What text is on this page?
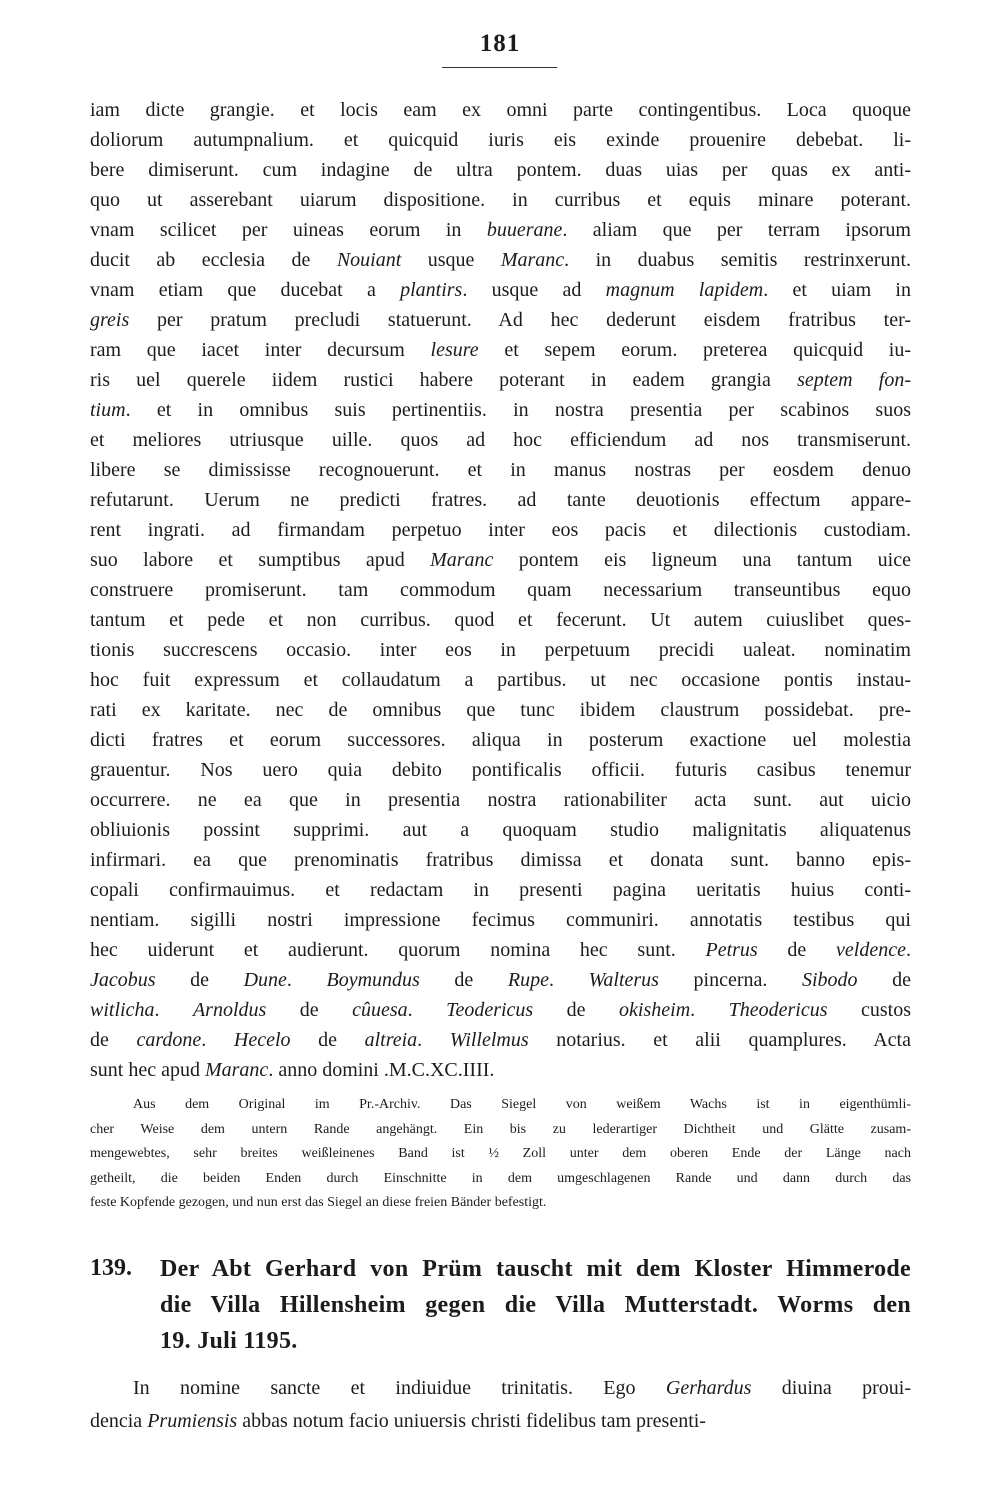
181
iam dicte grangie. et locis eam ex omni parte contingentibus. Loca quoque
doliorum autumpnalium. et quicquid iuris eis exinde prouenire debebat. li-
bere dimiserunt. cum indagine de ultra pontem. duas uias per quas ex anti-
quo ut asserebant uiarum dispositione. in curribus et equis minare poterant.
vnam scilicet per uineas eorum in buuerane. aliam que per terram ipsorum
ducit ab ecclesia de Nouiant usque Maranc. in duabus semitis restrinxerunt.
vnam etiam que ducebat a plantirs. usque ad magnum lapidem. et uiam in
greis per pratum precludi statuerunt. Ad hec dederunt eisdem fratribus ter-
ram que iacet inter decursum lesure et sepem eorum. preterea quicquid iu-
ris uel querele iidem rustici habere poterant in eadem grangia septem fon-
tium. et in omnibus suis pertinentiis. in nostra presentia per scabinos suos
et meliores utriusque uille. quos ad hoc efficiendum ad nos transmiserunt.
libere se dimississe recognouerunt. et in manus nostras per eosdem denuo
refutarunt. Uerum ne predicti fratres. ad tante deuotionis effectum appare-
rent ingrati. ad firmandam perpetuo inter eos pacis et dilectionis custodiam.
suo labore et sumptibus apud Maranc pontem eis ligneum una tantum uice
construere promiserunt. tam commodum quam necessarium transeuntibus equo
tantum et pede et non curribus. quod et fecerunt. Ut autem cuiuslibet ques-
tionis succrescens occasio. inter eos in perpetuum precidi ualeat. nominatim
hoc fuit expressum et collaudatum a partibus. ut nec occasione pontis instau-
rati ex karitate. nec de omnibus que tunc ibidem claustrum possidebat. pre-
dicti fratres et eorum successores. aliqua in posterum exactione uel molestia
grauentur. Nos uero quia debito pontificalis officii. futuris casibus tenemur
occurrere. ne ea que in presentia nostra rationabiliter acta sunt. aut uicio
obliuionis possint supprimi. aut a quoquam studio malignitatis aliquatenus
infirmari. ea que prenominatis fratribus dimissa et donata sunt. banno epis-
copali confirmauimus. et redactam in presenti pagina ueritatis huius conti-
nentiam. sigilli nostri impressione fecimus communiri. annotatis testibus qui
hec uiderunt et audierunt. quorum nomina hec sunt. Petrus de veldence.
Jacobus de Dune. Boymundus de Rupe. Walterus pincerna. Sibodo de
witlicha. Arnoldus de cûuesa. Teodericus de okisheim. Theodericus custos
de cardone. Hecelo de altreia. Willelmus notarius. et alii quamplures. Acta
sunt hec apud Maranc. anno domini .M.C.XC.IIII.
Aus dem Original im Pr.-Archiv. Das Siegel von weißem Wachs ist in eigenthümli-
cher Weise dem untern Rande angehängt. Ein bis zu lederartiger Dichtheit und Glätte zusam-
mengewebtes, sehr breites weißleinenes Band ist ½ Zoll unter dem oberen Ende der Länge nach
getheilt, die beiden Enden durch Einschnitte in dem umgeschlagenen Rande und dann durch das
feste Kopfende gezogen, und nun erst das Siegel an diese freien Bänder befestigt.
139. Der Abt Gerhard von Prüm tauscht mit dem Kloster Himmerode
die Villa Hillensheim gegen die Villa Mutterstadt. Worms den
19. Juli 1195.
In nomine sancte et indiuidue trinitatis. Ego Gerhardus diuina proui-
dencia Prumiensis abbas notum facio uniuersis christi fidelibus tam presenti-
